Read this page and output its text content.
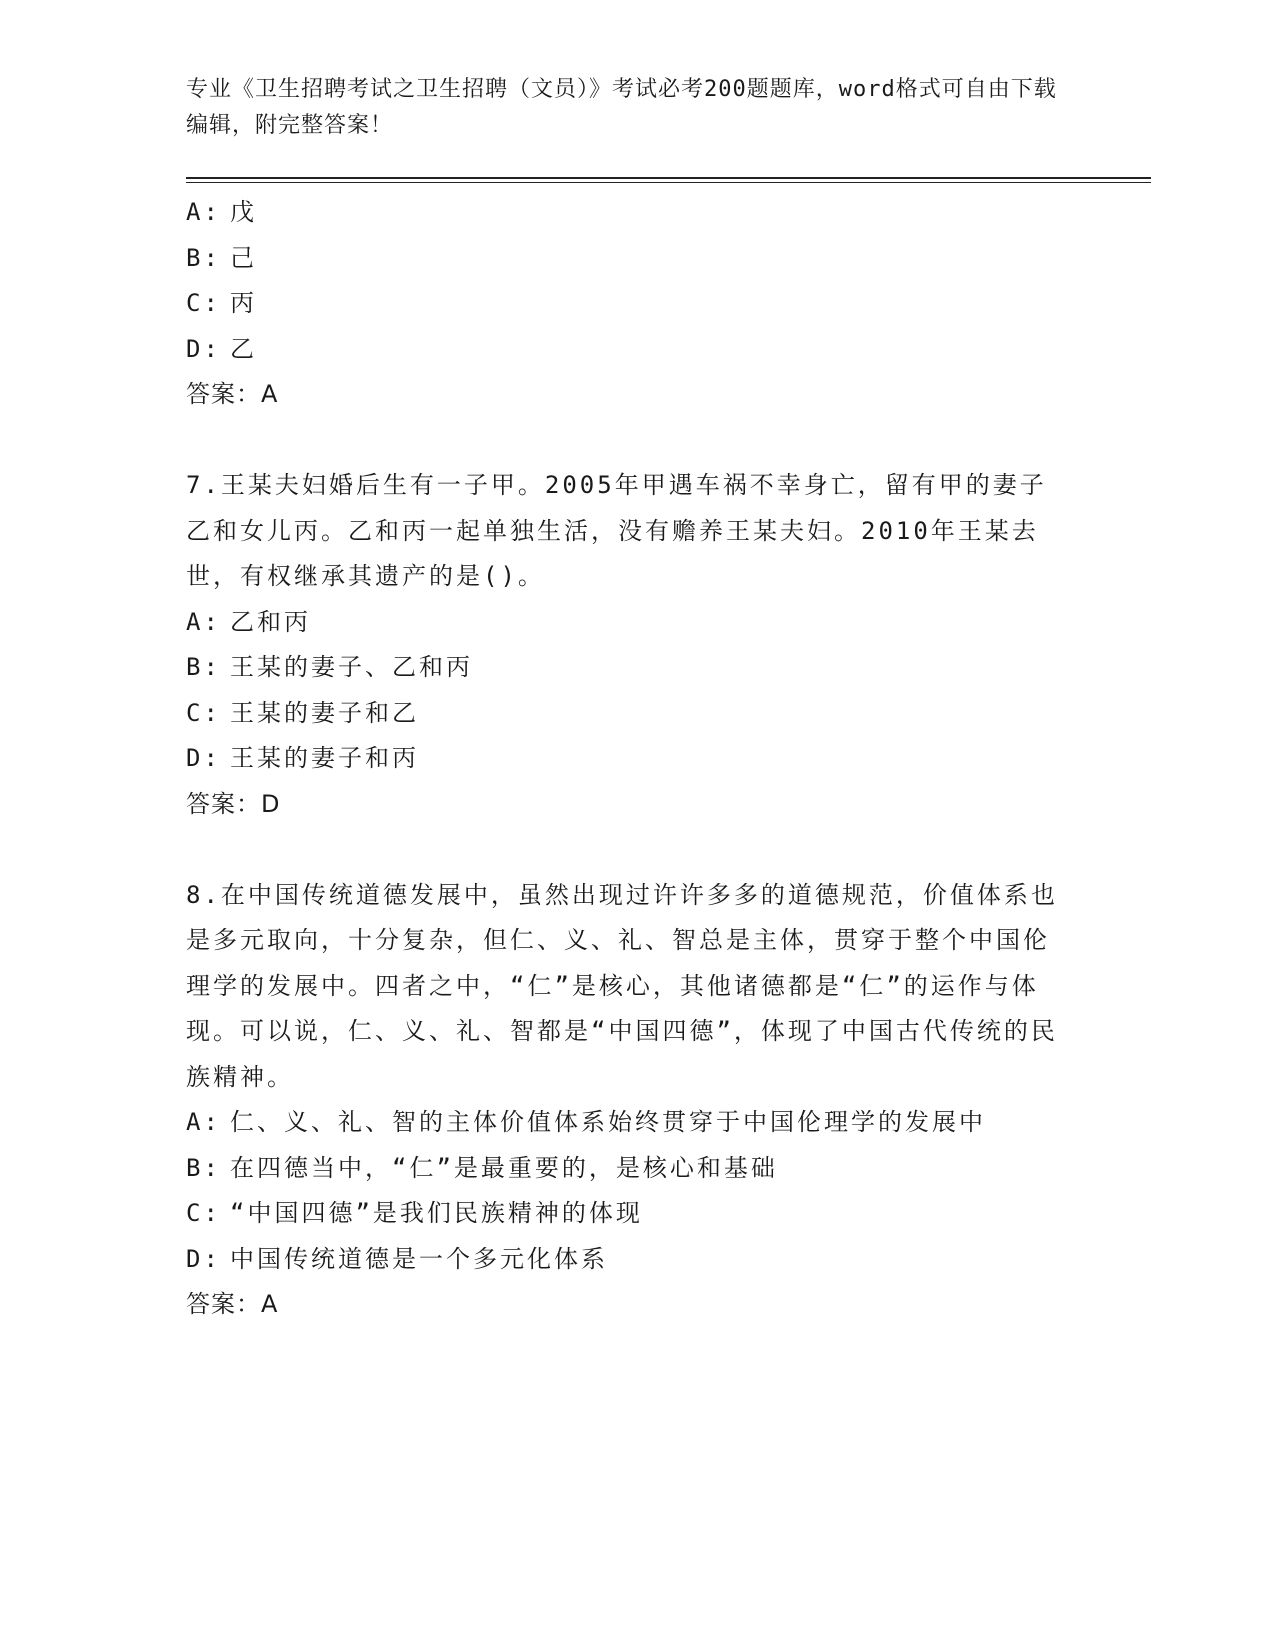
专业《卫生招聘考试之卫生招聘（文员）》考试必考200题题库，word格式可自由下载编辑，附完整答案！
A: 戊
B: 己
C: 丙
D: 乙
答案：A
7.王某夫妇婚后生有一子甲。2005年甲遇车祸不幸身亡，留有甲的妻子乙和女儿丙。乙和丙一起单独生活，没有赡养王某夫妇。2010年王某去世，有权继承其遗产的是()。
A: 乙和丙
B: 王某的妻子、乙和丙
C: 王某的妻子和乙
D: 王某的妻子和丙
答案：D
8.在中国传统道德发展中，虽然出现过许许多多的道德规范，价值体系也是多元取向，十分复杂，但仁、义、礼、智总是主体，贯穿于整个中国伦理学的发展中。四者之中，“仁”是核心，其他诸德都是“仁”的运作与体现。可以说，仁、义、礼、智都是“中国四德”，体现了中国古代传统的民族精神。
A: 仁、义、礼、智的主体价值体系始终贯穿于中国伦理学的发展中
B: 在四德当中，“仁”是最重要的，是核心和基础
C: “中国四德”是我们民族精神的体现
D: 中国传统道德是一个多元化体系
答案：A
